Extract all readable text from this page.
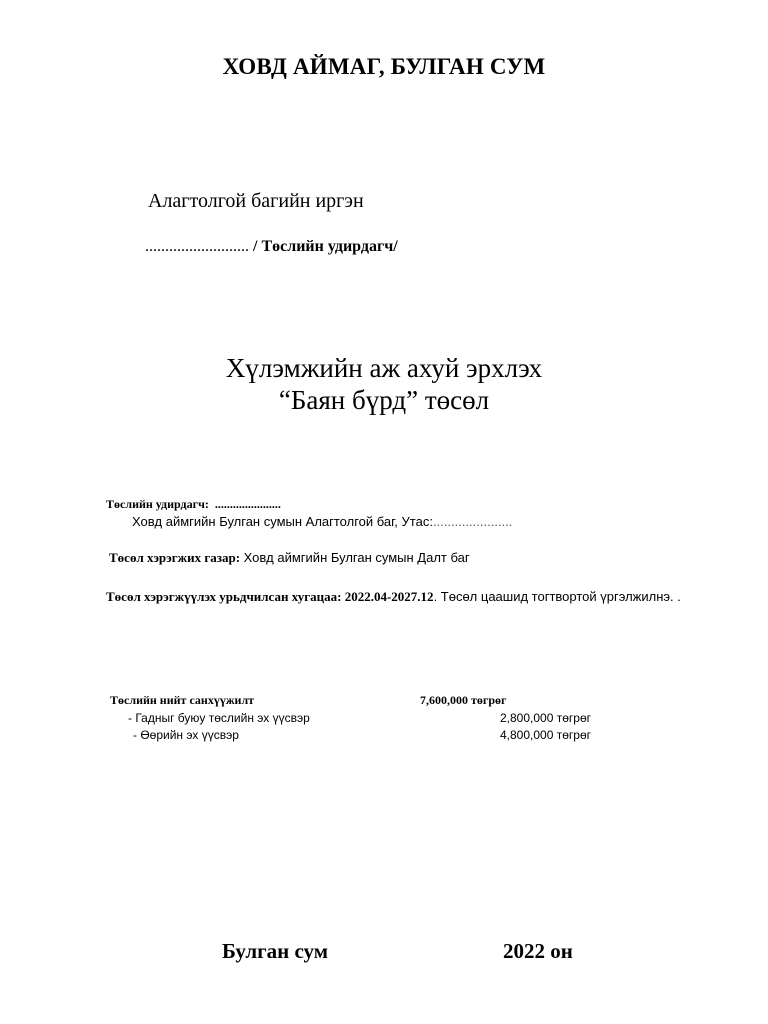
ХОВД АЙМАГ, БУЛГАН СУМ
Алагтолгой багийн иргэн
.......................... / Төслийн удирдагч/
Хүлэмжийн аж ахуй эрхлэх
“Баян бүрд” төсөл
Төслийн удирдагч: ......................
Ховд аймгийн Булган сумын Алагтолгой баг, Утас:......................
Төсөл хэрэгжих газар: Ховд аймгийн Булган сумын Далт баг
Төсөл хэрэгжүүлэх урьдчилсан хугацаа: 2022.04-2027.12. Төсөл цаашид тогтвортой үргэлжилнэ. .
Төслийн нийт санхүүжилт	7,600,000 төгрөг
- Гадныг буюу төслийн эх үүсвэр	2,800,000 төгрөг
- Өөрийн эх үүсвэр	4,800,000 төгрөг
Булган сум	2022 он
